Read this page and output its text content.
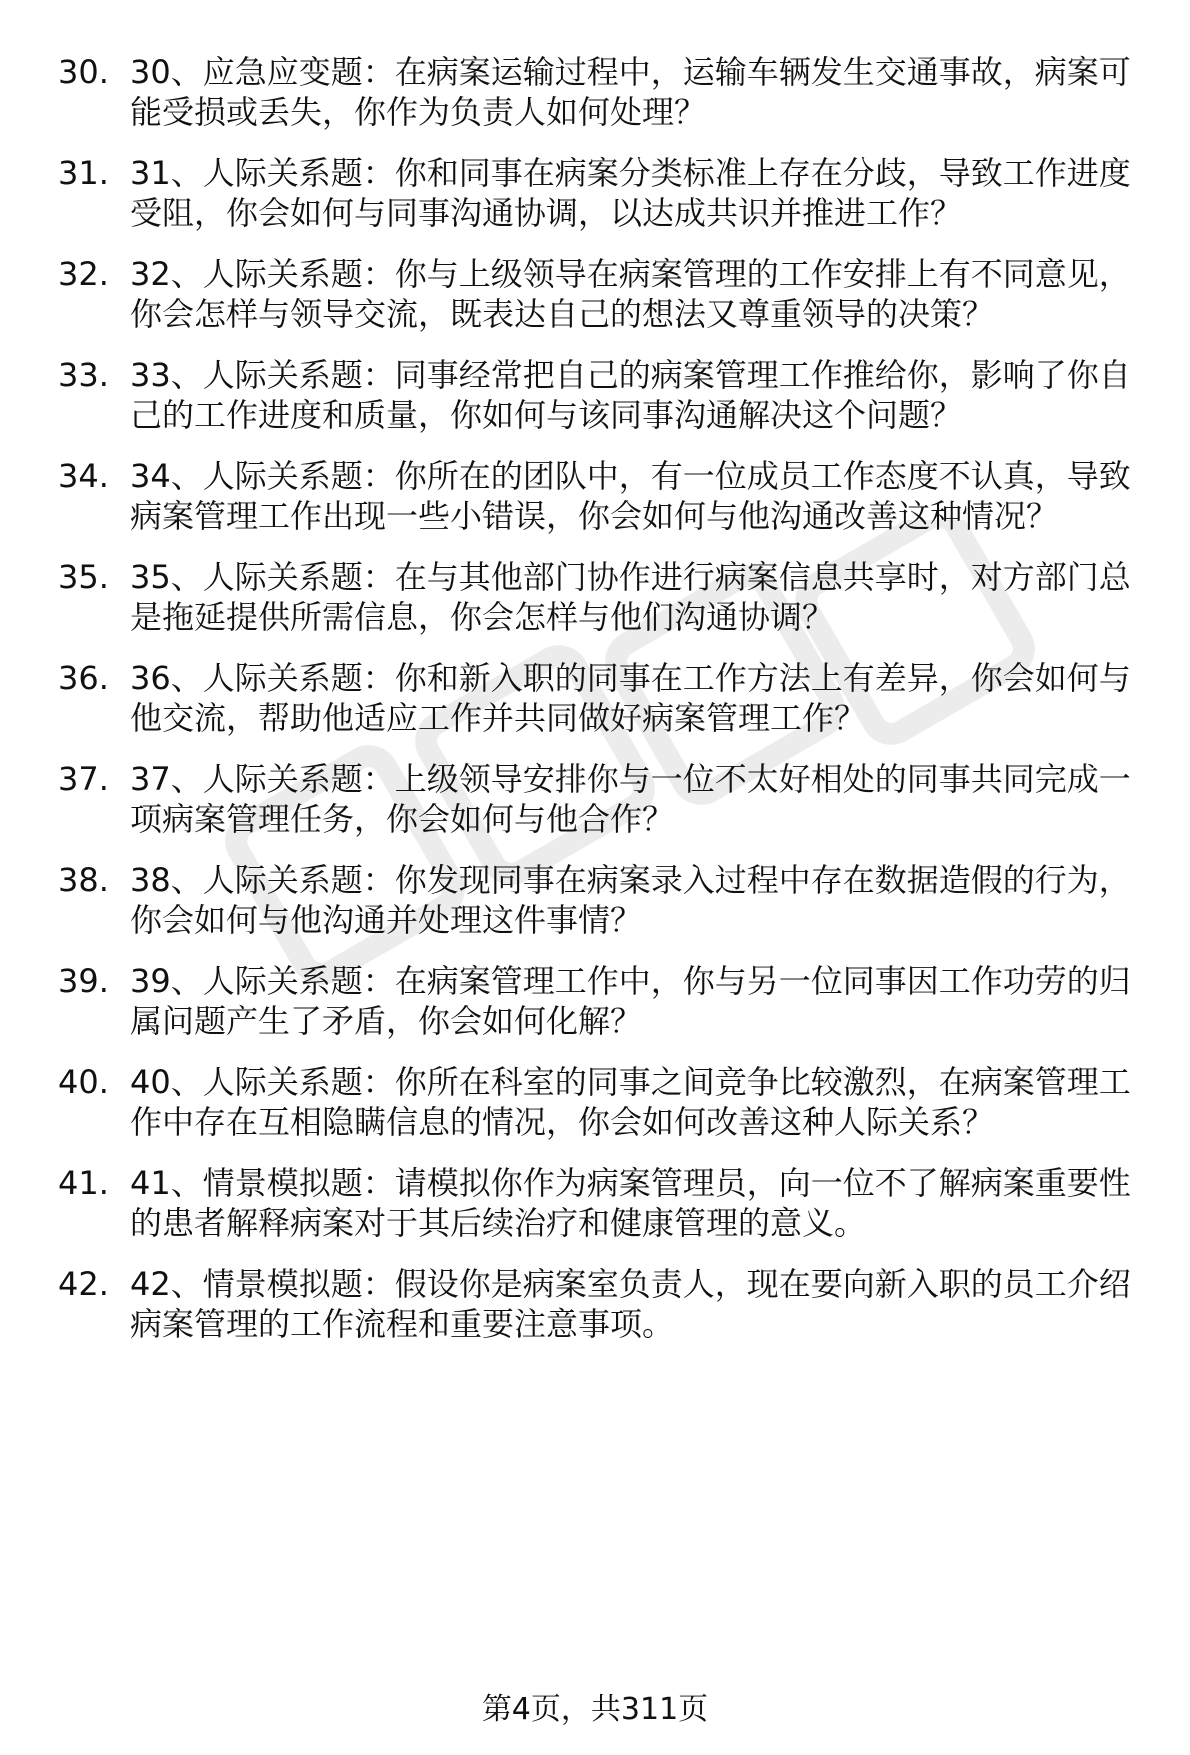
30. 30、应急应变题：在病案运输过程中，运输车辆发生交通事故，病案可能受损或丢失，你作为负责人如何处理？
31. 31、人际关系题：你和同事在病案分类标准上存在分歧，导致工作进度受阻，你会如何与同事沟通协调，以达成共识并推进工作？
32. 32、人际关系题：你与上级领导在病案管理的工作安排上有不同意见，你会怎样与领导交流，既表达自己的想法又尊重领导的决策？
33. 33、人际关系题：同事经常把自己的病案管理工作推给你，影响了你自己的工作进度和质量，你如何与该同事沟通解决这个问题？
34. 34、人际关系题：你所在的团队中，有一位成员工作态度不认真，导致病案管理工作出现一些小错误，你会如何与他沟通改善这种情况？
35. 35、人际关系题：在与其他部门协作进行病案信息共享时，对方部门总是拖延提供所需信息，你会怎样与他们沟通协调？
36. 36、人际关系题：你和新入职的同事在工作方法上有差异，你会如何与他交流，帮助他适应工作并共同做好病案管理工作？
37. 37、人际关系题：上级领导安排你与一位不太好相处的同事共同完成一项病案管理任务，你会如何与他合作？
38. 38、人际关系题：你发现同事在病案录入过程中存在数据造假的行为，你会如何与他沟通并处理这件事情？
39. 39、人际关系题：在病案管理工作中，你与另一位同事因工作功劳的归属问题产生了矛盾，你会如何化解？
40. 40、人际关系题：你所在科室的同事之间竞争比较激烈，在病案管理工作中存在互相隐瞒信息的情况，你会如何改善这种人际关系？
41. 41、情景模拟题：请模拟你作为病案管理员，向一位不了解病案重要性的患者解释病案对于其后续治疗和健康管理的意义。
42. 42、情景模拟题：假设你是病案室负责人，现在要向新入职的员工介绍病案管理的工作流程和重要注意事项。
第4页，共311页
